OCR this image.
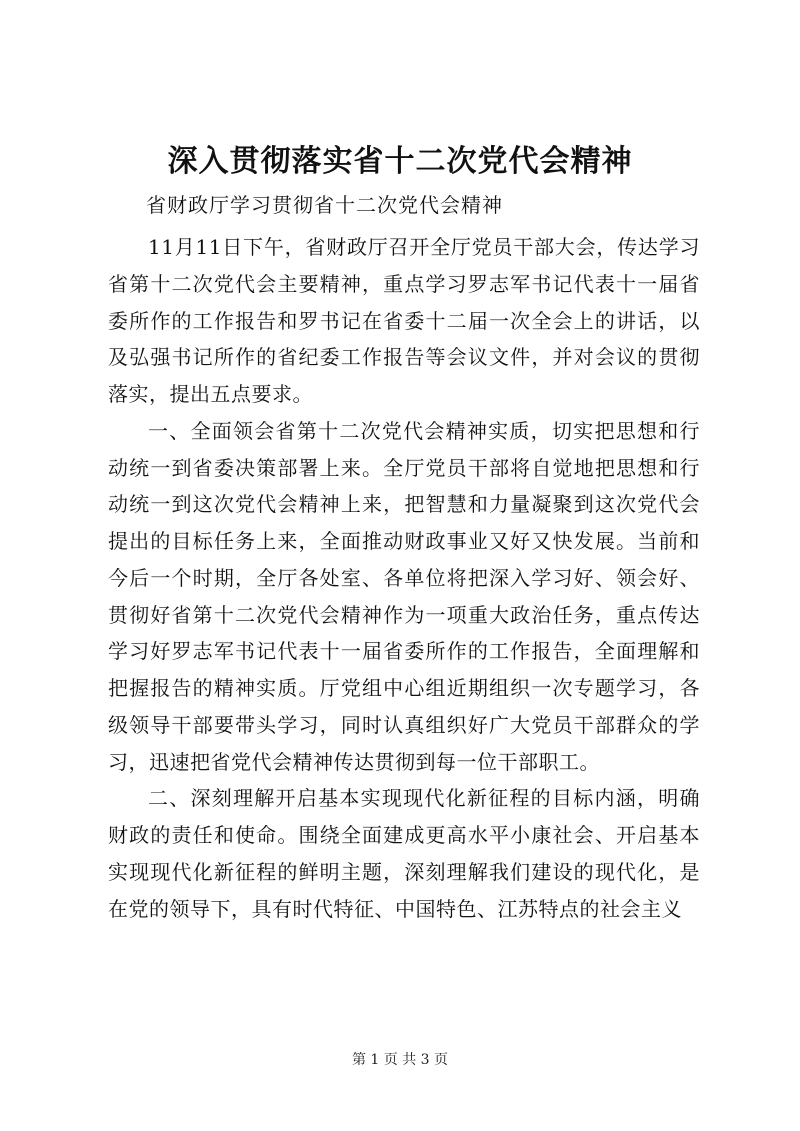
深入贯彻落实省十二次党代会精神

省财政厅学习贯彻省十二次党代会精神

11月11日下午，省财政厅召开全厅党员干部大会，传达学习省第十二次党代会主要精神，重点学习罗志军书记代表十一届省委所作的工作报告和罗书记在省委十二届一次全会上的讲话，以及弘强书记所作的省纪委工作报告等会议文件，并对会议的贯彻落实，提出五点要求。

一、全面领会省第十二次党代会精神实质，切实把思想和行动统一到省委决策部署上来。全厅党员干部将自觉地把思想和行动统一到这次党代会精神上来，把智慧和力量凝聚到这次党代会提出的目标任务上来，全面推动财政事业又好又快发展。当前和今后一个时期，全厅各处室、各单位将把深入学习好、领会好、贯彻好省第十二次党代会精神作为一项重大政治任务，重点传达学习好罗志军书记代表十一届省委所作的工作报告，全面理解和把握报告的精神实质。厅党组中心组近期组织一次专题学习，各级领导干部要带头学习，同时认真组织好广大党员干部群众的学习，迅速把省党代会精神传达贯彻到每一位干部职工。

二、深刻理解开启基本实现现代化新征程的目标内涵，明确财政的责任和使命。围绕全面建成更高水平小康社会、开启基本实现现代化新征程的鲜明主题，深刻理解我们建设的现代化，是在党的领导下，具有时代特征、中国特色、江苏特点的社会主义

第 1 页 共 3 页
